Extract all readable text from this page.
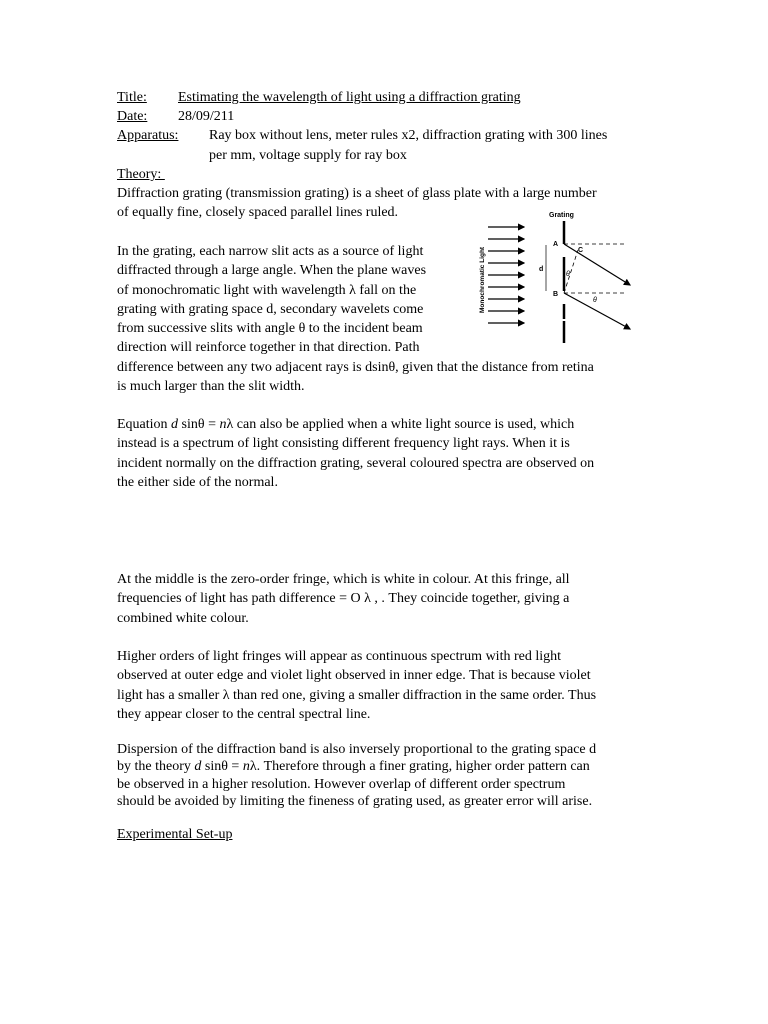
Title: Estimating the wavelength of light using a diffraction grating
Date: 28/09/211
Apparatus: Ray box without lens, meter rules x2, diffraction grating with 300 lines
per mm, voltage supply for ray box
Theory:
Diffraction grating (transmission grating) is a sheet of glass plate with a large number
of equally fine, closely spaced parallel lines ruled.
In the grating, each narrow slit acts as a source of light
diffracted through a large angle. When the plane waves
of monochromatic light with wavelength λ fall on the
grating with grating space d, secondary wavelets come
from successive slits with angle θ to the incident beam
direction will reinforce together in that direction. Path
difference between any two adjacent rays is dsinθ, given that the distance from retina
is much larger than the slit width.
Grating
Monochromatic Light	d
A
B
C
θ
θ
Equation d sinθ = nλ can also be applied when a white light source is used, which
instead is a spectrum of light consisting different frequency light rays. When it is
incident normally on the diffraction grating, several coloured spectra are observed on
the either side of the normal.
At the middle is the zero-order fringe, which is white in colour. At this fringe, all
frequencies of light has path difference = O λ , . They coincide together, giving a
combined white colour.
Higher orders of light fringes will appear as continuous spectrum with red light
observed at outer edge and violet light observed in inner edge. That is because violet
light has a smaller λ than red one, giving a smaller diffraction in the same order. Thus
they appear closer to the central spectral line.
Dispersion of the diffraction band is also inversely proportional to the grating space d
by the theory d sinθ = nλ. Therefore through a finer grating, higher order pattern can
be observed in a higher resolution. However overlap of different order spectrum
should be avoided by limiting the fineness of grating used, as greater error will arise.
Experimental Set-up
